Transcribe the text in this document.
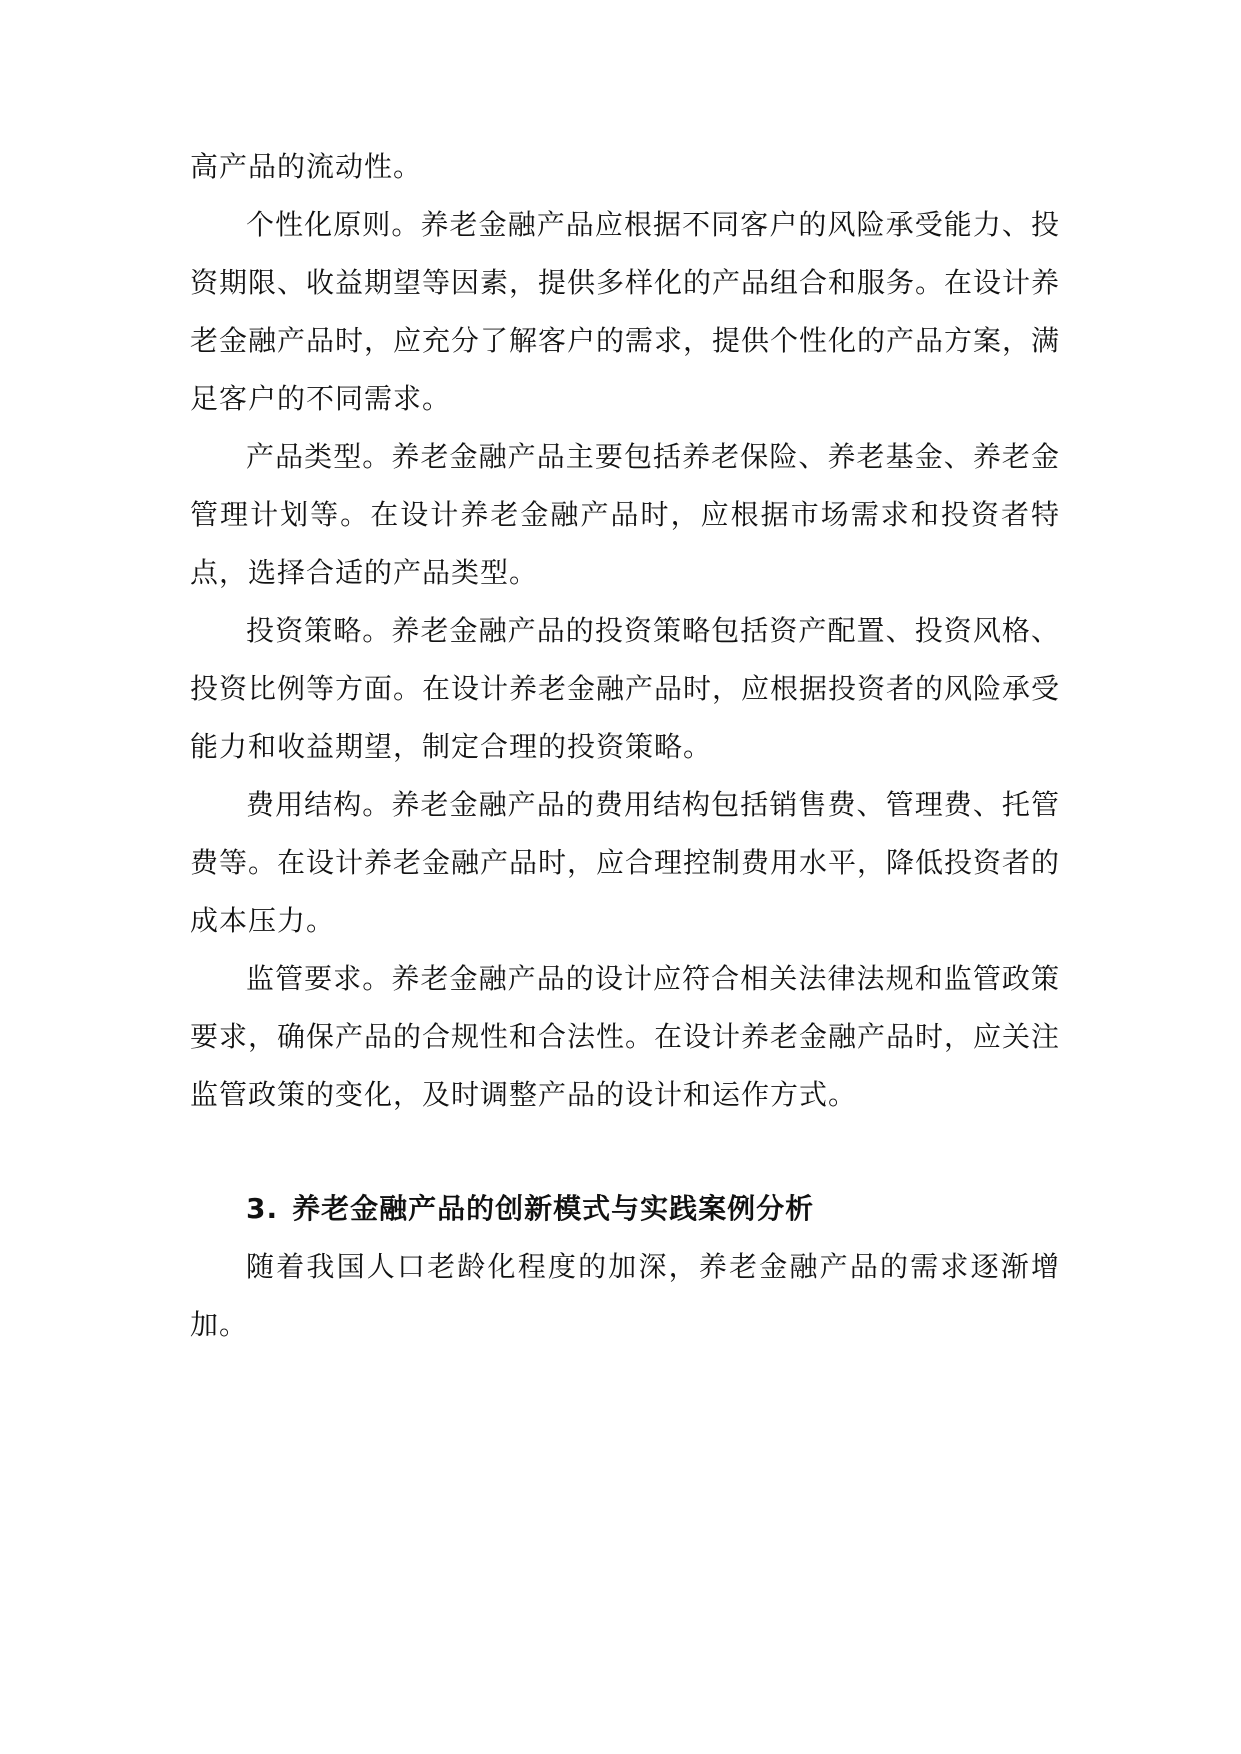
高产品的流动性。

个性化原则。养老金融产品应根据不同客户的风险承受能力、投资期限、收益期望等因素，提供多样化的产品组合和服务。在设计养老金融产品时，应充分了解客户的需求，提供个性化的产品方案，满足客户的不同需求。

产品类型。养老金融产品主要包括养老保险、养老基金、养老金管理计划等。在设计养老金融产品时，应根据市场需求和投资者特点，选择合适的产品类型。

投资策略。养老金融产品的投资策略包括资产配置、投资风格、投资比例等方面。在设计养老金融产品时，应根据投资者的风险承受能力和收益期望，制定合理的投资策略。

费用结构。养老金融产品的费用结构包括销售费、管理费、托管费等。在设计养老金融产品时，应合理控制费用水平，降低投资者的成本压力。

监管要求。养老金融产品的设计应符合相关法律法规和监管政策要求，确保产品的合规性和合法性。在设计养老金融产品时，应关注监管政策的变化，及时调整产品的设计和运作方式。

3. 养老金融产品的创新模式与实践案例分析

随着我国人口老龄化程度的加深，养老金融产品的需求逐渐增加。
